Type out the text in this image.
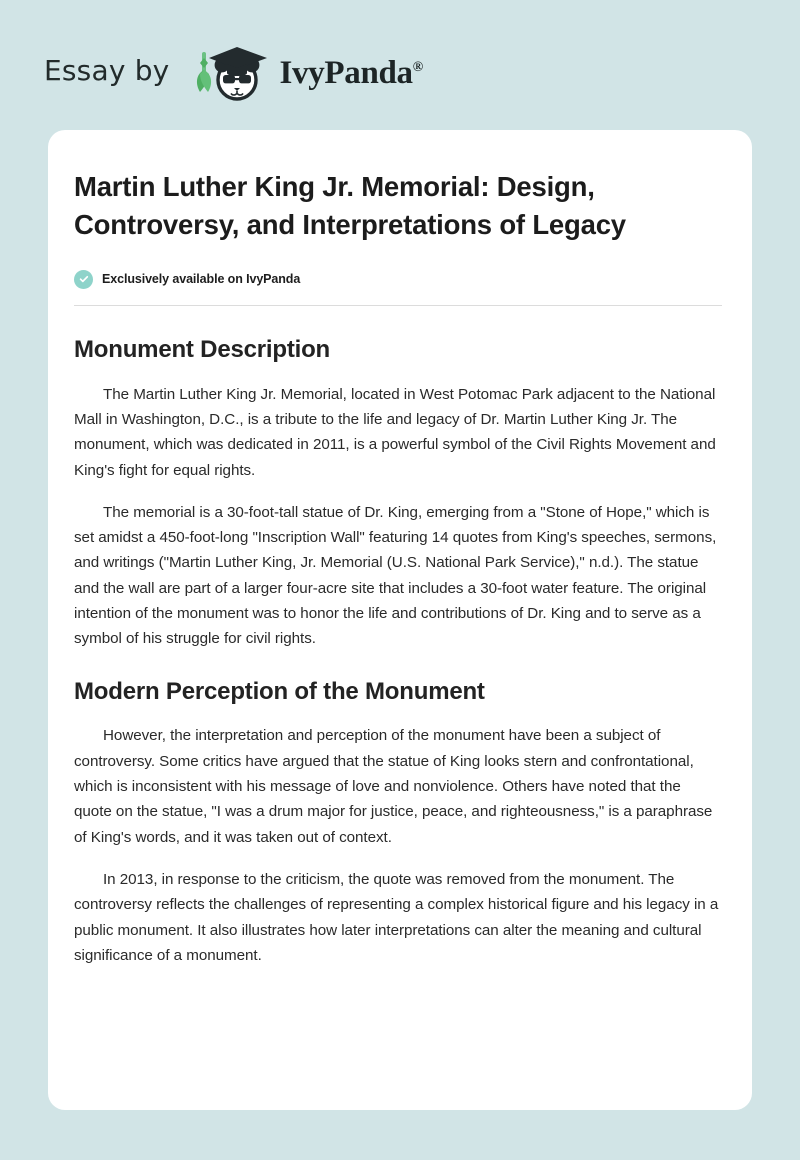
Essay by	IvyPanda®
Martin Luther King Jr. Memorial: Design, Controversy, and Interpretations of Legacy
Exclusively available on IvyPanda
Monument Description

The Martin Luther King Jr. Memorial, located in West Potomac Park adjacent to the National Mall in Washington, D.C., is a tribute to the life and legacy of Dr. Martin Luther King Jr. The monument, which was dedicated in 2011, is a powerful symbol of the Civil Rights Movement and King's fight for equal rights.

The memorial is a 30-foot-tall statue of Dr. King, emerging from a "Stone of Hope," which is set amidst a 450-foot-long "Inscription Wall" featuring 14 quotes from King's speeches, sermons, and writings ("Martin Luther King, Jr. Memorial (U.S. National Park Service)," n.d.). The statue and the wall are part of a larger four-acre site that includes a 30-foot water feature. The original intention of the monument was to honor the life and contributions of Dr. King and to serve as a symbol of his struggle for civil rights.

Modern Perception of the Monument

However, the interpretation and perception of the monument have been a subject of controversy. Some critics have argued that the statue of King looks stern and confrontational, which is inconsistent with his message of love and nonviolence. Others have noted that the quote on the statue, "I was a drum major for justice, peace, and righteousness," is a paraphrase of King's words, and it was taken out of context.

In 2013, in response to the criticism, the quote was removed from the monument. The controversy reflects the challenges of representing a complex historical figure and his legacy in a public monument. It also illustrates how later interpretations can alter the meaning and cultural significance of a monument.
